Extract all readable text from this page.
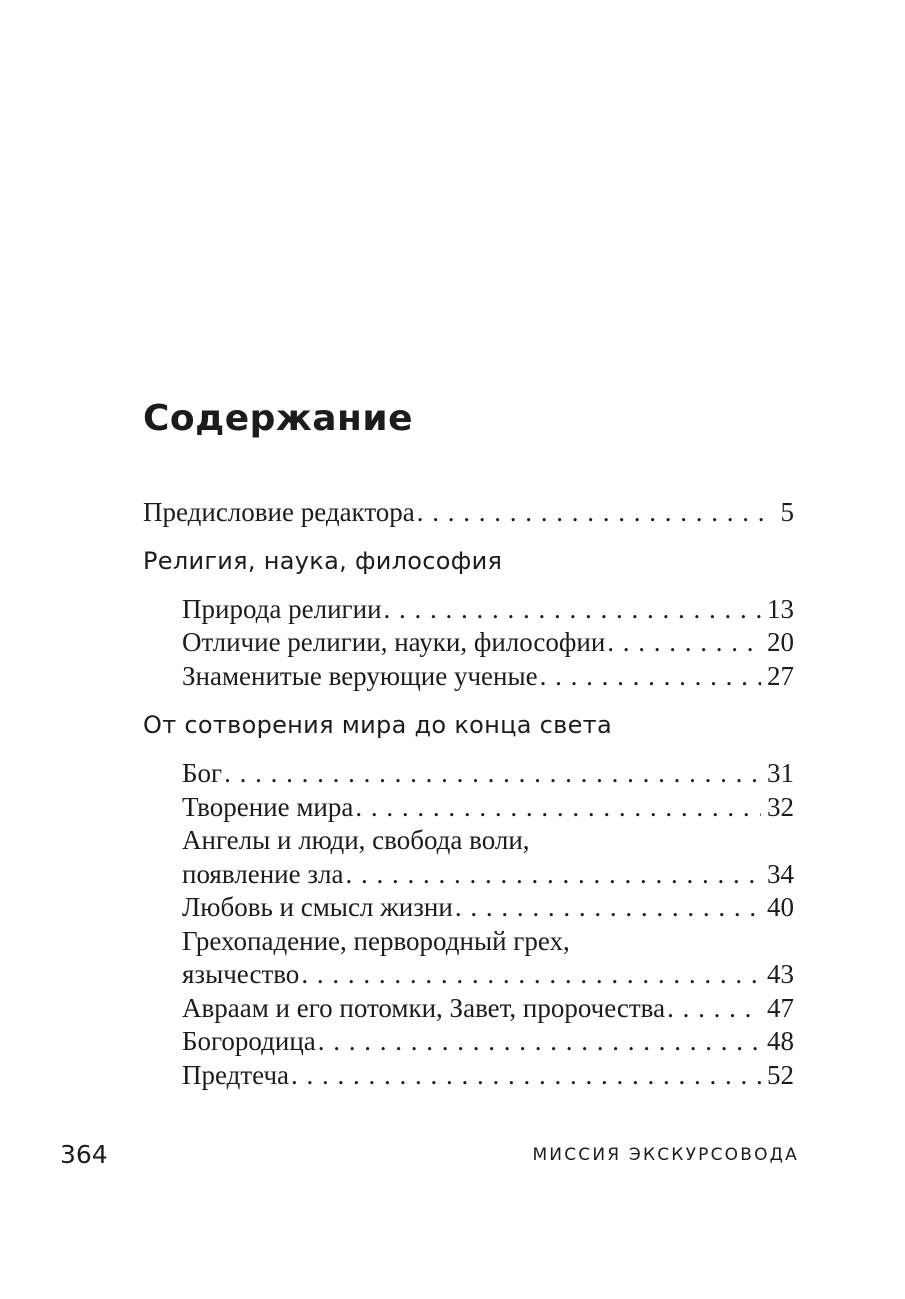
Содержание
Предисловие редактора . . .	5
Религия, наука, философия
Природа религии . . .	13
Отличие религии, науки, философии . . .	20
Знаменитые верующие ученые . . .	27
От сотворения мира до конца света
Бог . . .	31
Творение мира . . .	32
Ангелы и люди, свобода воли,
появление зла . . .	34
Любовь и смысл жизни . . .	40
Грехопадение, первородный грех,
язычество . . .	43
Авраам и его потомки, Завет, пророчества . . .	47
Богородица . . .	48
Предтеча . . .	52
364	МИССИЯ ЭКСКУРСОВОДА
